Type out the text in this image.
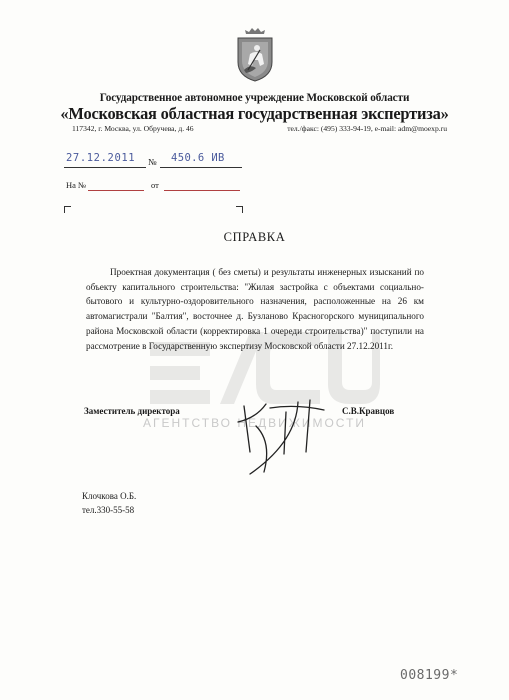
Государственное автономное учреждение Московской области
«Московская областная государственная экспертиза»
117342, г. Москва, ул. Обручева, д. 46	тел./факс: (495) 333-94-19, e-mail: adm@moexp.ru
27.12.2011 № 450.6 ИВ
На №	от
СПРАВКА
АГЕНТСТВО НЕДВИЖИМОСТИ
Проектная документация ( без сметы) и результаты инженерных изысканий по объекту капитального строительства: "Жилая застройка с объектами социально-бытового и культурно-оздоровительного назначения, расположенные на 26 км автомагистрали "Балтия", восточнее д. Бузланово Красногорского муниципального района Московской области (корректировка 1 очереди строительства)" поступили на рассмотрение в Государственную экспертизу Московской области 27.12.2011г.
Заместитель директора	С.В.Кравцов
Клочкова О.Б.
тел.330-55-58
008199*
